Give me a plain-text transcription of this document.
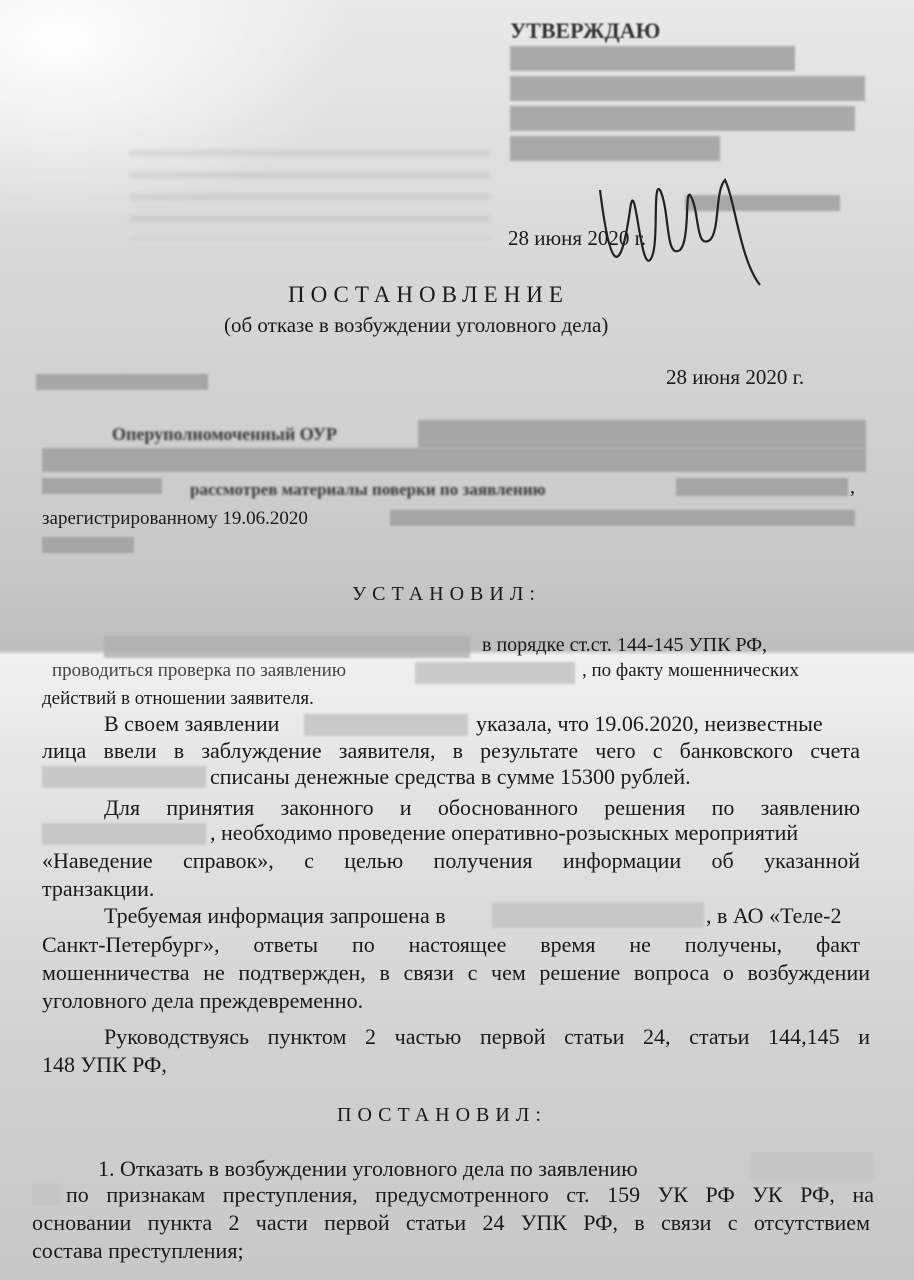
УТВЕРЖДАЮ
28 июня 2020 г.
ПОСТАНОВЛЕНИЕ
(об отказе в возбуждении уголовного дела)
28 июня 2020 г.
Оперуполномоченный ОУР
рассмотрев материалы поверки по заявлению	,
зарегистрированному 19.06.2020
УСТАНОВИЛ:
в порядке ст.ст. 144-145 УПК РФ,
проводиться проверка по заявлению	, по факту мошеннических
действий в отношении заявителя.
В своем заявлении	указала, что 19.06.2020, неизвестные
лица ввели в заблуждение заявителя, в результате чего с банковского счета
списаны денежные средства в сумме 15300 рублей.
Для принятия законного и обоснованного решения по заявлению
, необходимо проведение оперативно-розыскных мероприятий
«Наведение справок», с целью получения информации об указанной
транзакции.
Требуемая информация запрошена в	, в АО «Теле-2
Санкт-Петербург», ответы по настоящее время не получены, факт
мошенничества не подтвержден, в связи с чем решение вопроса о возбуждении
уголовного дела преждевременно.
Руководствуясь пунктом 2 частью первой статьи 24, статьи 144,145 и
148 УПК РФ,
ПОСТАНОВИЛ:
1. Отказать в возбуждении уголовного дела по заявлению
по признакам преступления, предусмотренного ст. 159 УК РФ УК РФ, на
основании пункта 2 части первой статьи 24 УПК РФ, в связи с отсутствием
состава преступления;
